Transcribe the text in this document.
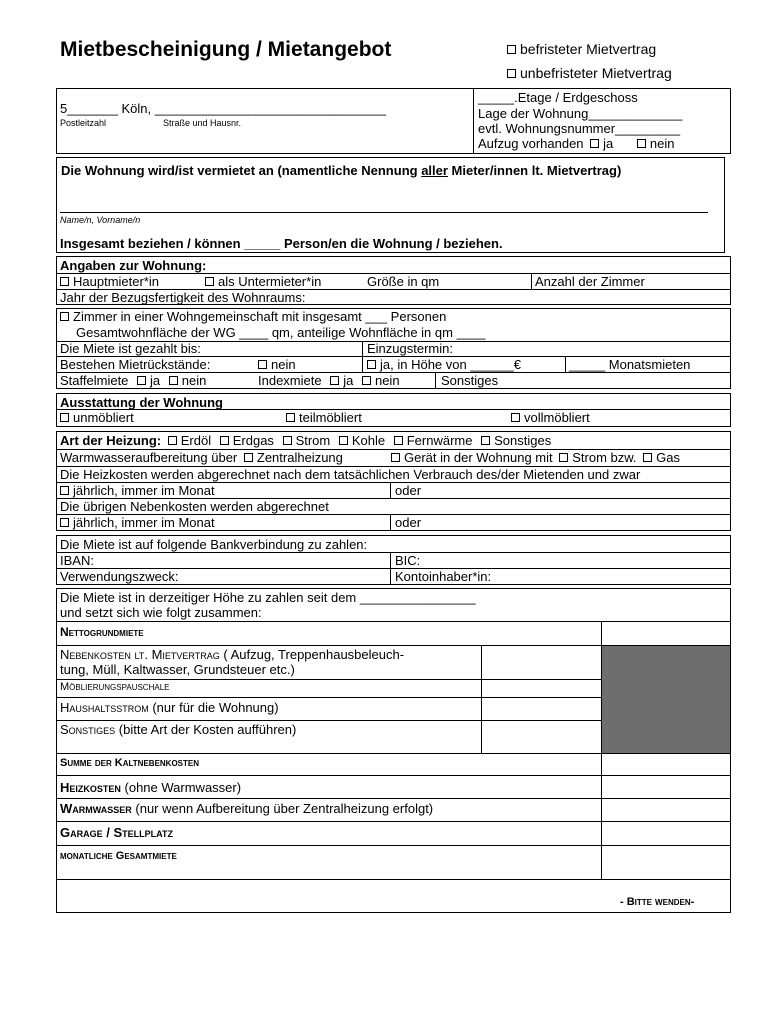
Mietbescheinigung / Mietangebot	befristeter Mietvertrag
unbefristeter Mietvertrag
5_______ Köln, ________________________________
Postleitzahl	Straße und Hausnr.
_____.Etage / Erdgeschoss
Lage der Wohnung_____________
evtl. Wohnungsnummer_________
Aufzug vorhanden ja	nein
Die Wohnung wird/ist vermietet an (namentliche Nennung aller Mieter/innen lt. Mietvertrag)
Name/n, Vorname/n
Insgesamt beziehen / können _____ Person/en die Wohnung / beziehen.
Angaben zur Wohnung:
Hauptmieter*in	als Untermieter*in	Größe in qm	Anzahl der Zimmer
Jahr der Bezugsfertigkeit des Wohnraums:
Zimmer in einer Wohngemeinschaft mit insgesamt ___ Personen
Gesamtwohnfläche der WG ____ qm, anteilige Wohnfläche in qm ____
Die Miete ist gezahlt bis:	Einzugstermin:
Bestehen Mietrückstände:	nein	ja, in Höhe von ______€	_____ Monatsmieten
Staffelmiete ja nein	Indexmiete ja nein	Sonstiges
Ausstattung der Wohnung
unmöbliert	teilmöbliert	vollmöbliert
Art der Heizung: Erdöl Erdgas Strom Kohle Fernwärme Sonstiges
Warmwasseraufbereitung über Zentralheizung	Gerät in der Wohnung mit Strom bzw. Gas
Die Heizkosten werden abgerechnet nach dem tatsächlichen Verbrauch des/der Mietenden und zwar
jährlich, immer im Monat	oder
Die übrigen Nebenkosten werden abgerechnet
jährlich, immer im Monat	oder
Die Miete ist auf folgende Bankverbindung zu zahlen:
IBAN:	BIC:
Verwendungszweck:	Kontoinhaber*in:
Die Miete ist in derzeitiger Höhe zu zahlen seit dem ________________
und setzt sich wie folgt zusammen:
Nettogrundmiete
Nebenkosten lt. Mietvertrag ( Aufzug, Treppenhausbeleuch-
tung, Müll, Kaltwasser, Grundsteuer etc.)
Möblierungspauschale
Haushaltsstrom (nur für die Wohnung)
Sonstiges (bitte Art der Kosten aufführen)
Summe der Kaltnebenkosten
Heizkosten (ohne Warmwasser)
Warmwasser (nur wenn Aufbereitung über Zentralheizung erfolgt)
Garage / Stellplatz
monatliche Gesamtmiete
- Bitte wenden-
